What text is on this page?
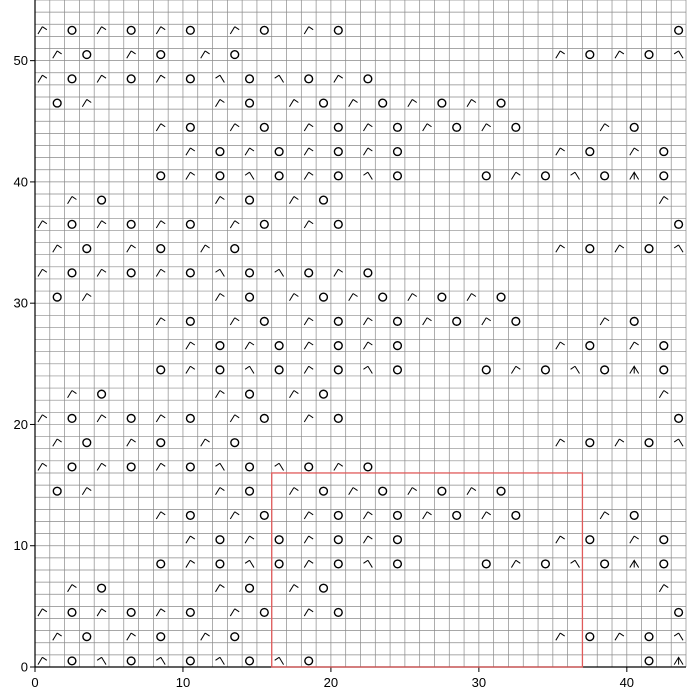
0	10	20	30	40
0
10
20
30
40
50
